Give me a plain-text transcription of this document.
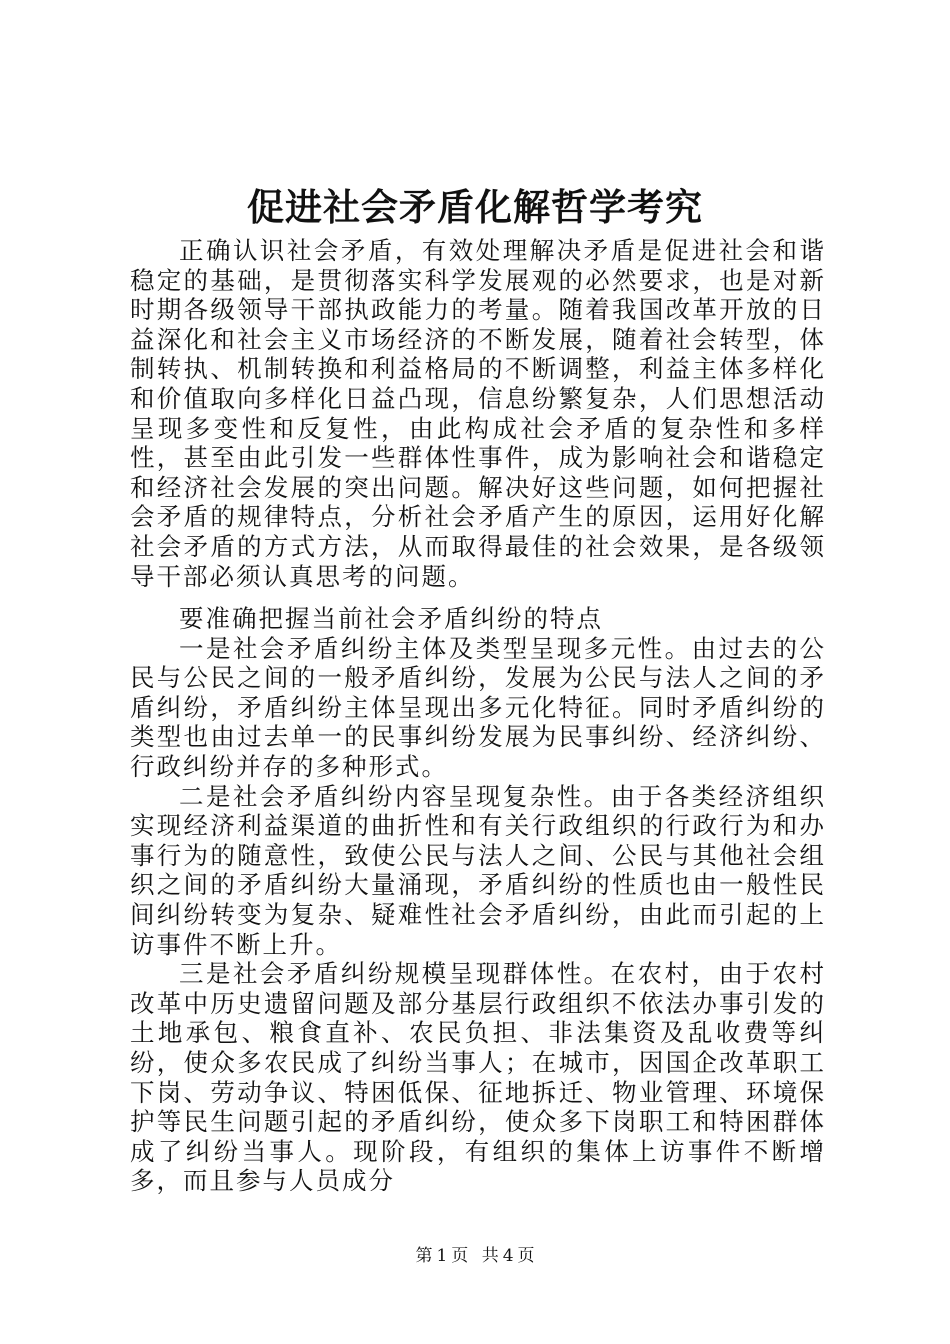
促进社会矛盾化解哲学考究

正确认识社会矛盾，有效处理解决矛盾是促进社会和谐稳定的基础，是贯彻落实科学发展观的必然要求，也是对新时期各级领导干部执政能力的考量。随着我国改革开放的日益深化和社会主义市场经济的不断发展，随着社会转型，体制转执、机制转换和利益格局的不断调整，利益主体多样化和价值取向多样化日益凸现，信息纷繁复杂，人们思想活动呈现多变性和反复性，由此构成社会矛盾的复杂性和多样性，甚至由此引发一些群体性事件，成为影响社会和谐稳定和经济社会发展的突出问题。解决好这些问题，如何把握社会矛盾的规律特点，分析社会矛盾产生的原因，运用好化解社会矛盾的方式方法，从而取得最佳的社会效果，是各级领导干部必须认真思考的问题。

要准确把握当前社会矛盾纠纷的特点

一是社会矛盾纠纷主体及类型呈现多元性。由过去的公民与公民之间的一般矛盾纠纷，发展为公民与法人之间的矛盾纠纷，矛盾纠纷主体呈现出多元化特征。同时矛盾纠纷的类型也由过去单一的民事纠纷发展为民事纠纷、经济纠纷、行政纠纷并存的多种形式。

二是社会矛盾纠纷内容呈现复杂性。由于各类经济组织实现经济利益渠道的曲折性和有关行政组织的行政行为和办事行为的随意性，致使公民与法人之间、公民与其他社会组织之间的矛盾纠纷大量涌现，矛盾纠纷的性质也由一般性民间纠纷转变为复杂、疑难性社会矛盾纠纷，由此而引起的上访事件不断上升。

三是社会矛盾纠纷规模呈现群体性。在农村，由于农村改革中历史遗留问题及部分基层行政组织不依法办事引发的土地承包、粮食直补、农民负担、非法集资及乱收费等纠纷，使众多农民成了纠纷当事人；在城市，因国企改革职工下岗、劳动争议、特困低保、征地拆迁、物业管理、环境保护等民生问题引起的矛盾纠纷，使众多下岗职工和特困群体成了纠纷当事人。现阶段，有组织的集体上访事件不断增多，而且参与人员成分

第 1 页 共 4 页
